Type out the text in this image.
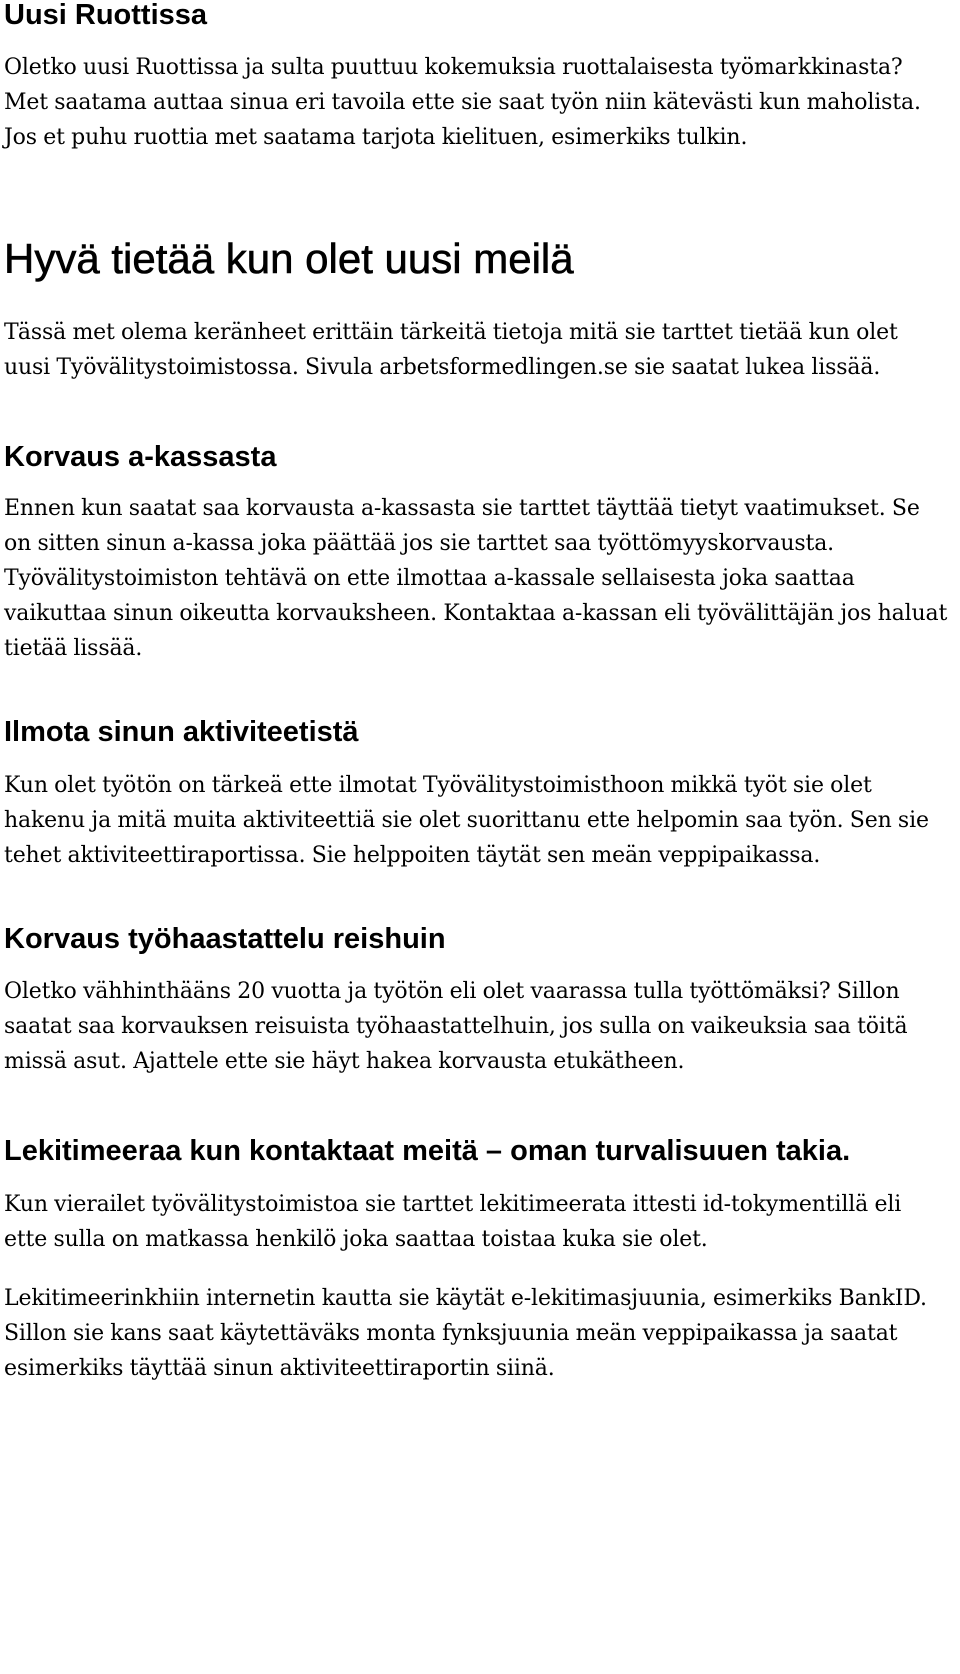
Uusi Ruottissa

Oletko uusi Ruottissa ja sulta puuttuu kokemuksia ruottalaisesta työmarkkinasta? Met saatama auttaa sinua eri tavoila ette sie saat työn niin kätevästi kun maholista. Jos et puhu ruottia met saatama tarjota kielituen, esimerkiks tulkin.

Hyvä tietää kun olet uusi meilä

Tässä met olema keränheet erittäin tärkeitä tietoja mitä sie tarttet tietää kun olet uusi Työvälitystoimistossa. Sivula arbetsformedlingen.se sie saatat lukea lissää.

Korvaus a-kassasta

Ennen kun saatat saa korvausta a-kassasta sie tarttet täyttää tietyt vaatimukset. Se on sitten sinun a-kassa joka päättää jos sie tarttet saa työttömyyskorvausta. Työvälitystoimiston tehtävä on ette ilmottaa a-kassale sellaisesta joka saattaa vaikuttaa sinun oikeutta korvauksheen. Kontaktaa a-kassan eli työvälittäjän jos haluat tietää lissää.

Ilmota sinun aktiviteetistä

Kun olet työtön on tärkeä ette ilmotat Työvälitystoimisthoon mikkä työt sie olet hakenu ja mitä muita aktiviteettiä sie olet suorittanu ette helpomin saa työn. Sen sie tehet aktiviteettiraportissa. Sie helppoiten täytät sen meän veppipaikassa.

Korvaus työhaastattelu reishuin

Oletko vähhinthääns 20 vuotta ja työtön eli olet vaarassa tulla työttömäksi? Sillon saatat saa korvauksen reisuista työhaastattelhuin, jos sulla on vaikeuksia saa töitä missä asut. Ajattele ette sie häyt hakea korvausta etukätheen.

Lekitimeeraa kun kontaktaat meitä – oman turvalisuuen takia.

Kun vierailet työvälitystoimistoa sie tarttet lekitimeerata ittesti id-tokymentillä eli ette sulla on matkassa henkilö joka saattaa toistaa kuka sie olet.

Lekitimeerinkhiin internetin kautta sie käytät e-lekitimasjuunia, esimerkiks BankID. Sillon sie kans saat käytettäväks monta fynksjuunia meän veppipaikassa ja saatat esimerkiks täyttää sinun aktiviteettiraportin siinä.
